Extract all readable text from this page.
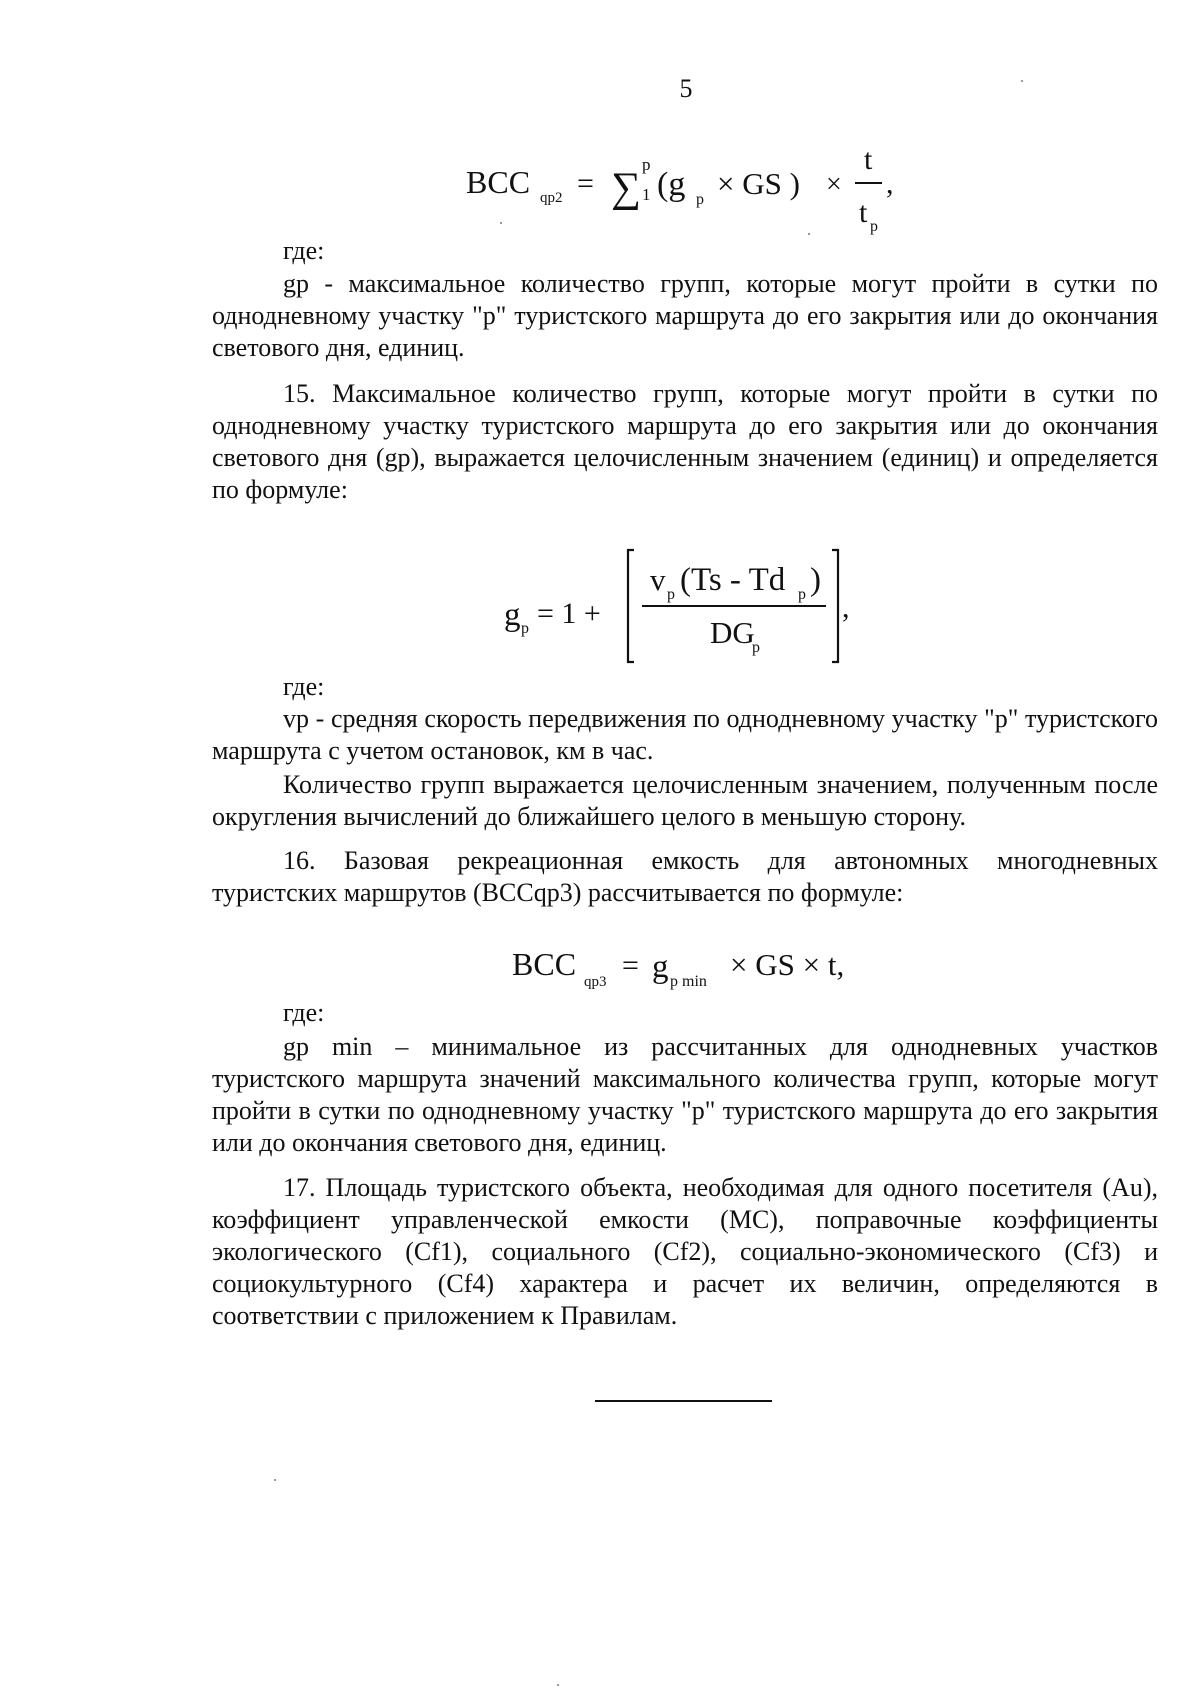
5
BCC qp2 = ∑
p
1 (g p × GS ) ×
t
t p
,
где:
gp - максимальное количество групп, которые могут пройти в сутки по однодневному участку "р" туристского маршрута до его закрытия или до окончания светового дня, единиц.
15. Максимальное количество групп, которые могут пройти в сутки по однодневному участку туристского маршрута до его закрытия или до окончания светового дня (gp), выражается целочисленным значением (единиц) и определяется по формуле:
g p = 1 +
v p (Ts - Td p )
DG
p
,
где:
vp - средняя скорость передвижения по однодневному участку "р" туристского маршрута с учетом остановок, км в час.
Количество групп выражается целочисленным значением, полученным после округления вычислений до ближайшего целого в меньшую сторону.
16. Базовая рекреационная емкость для автономных многодневных туристских маршрутов (BCCqp3) рассчитывается по формуле:
BCC qp3 = g p min × GS × t,
где:
gp min – минимальное из рассчитанных для однодневных участков туристского маршрута значений максимального количества групп, которые могут пройти в сутки по однодневному участку "р" туристского маршрута до его закрытия или до окончания светового дня, единиц.
17. Площадь туристского объекта, необходимая для одного посетителя (Au), коэффициент управленческой емкости (МС), поправочные коэффициенты экологического (Cf1), социального (Cf2), социально-экономического (Cf3) и социокультурного (Cf4) характера и расчет их величин, определяются в соответствии с приложением к Правилам.
